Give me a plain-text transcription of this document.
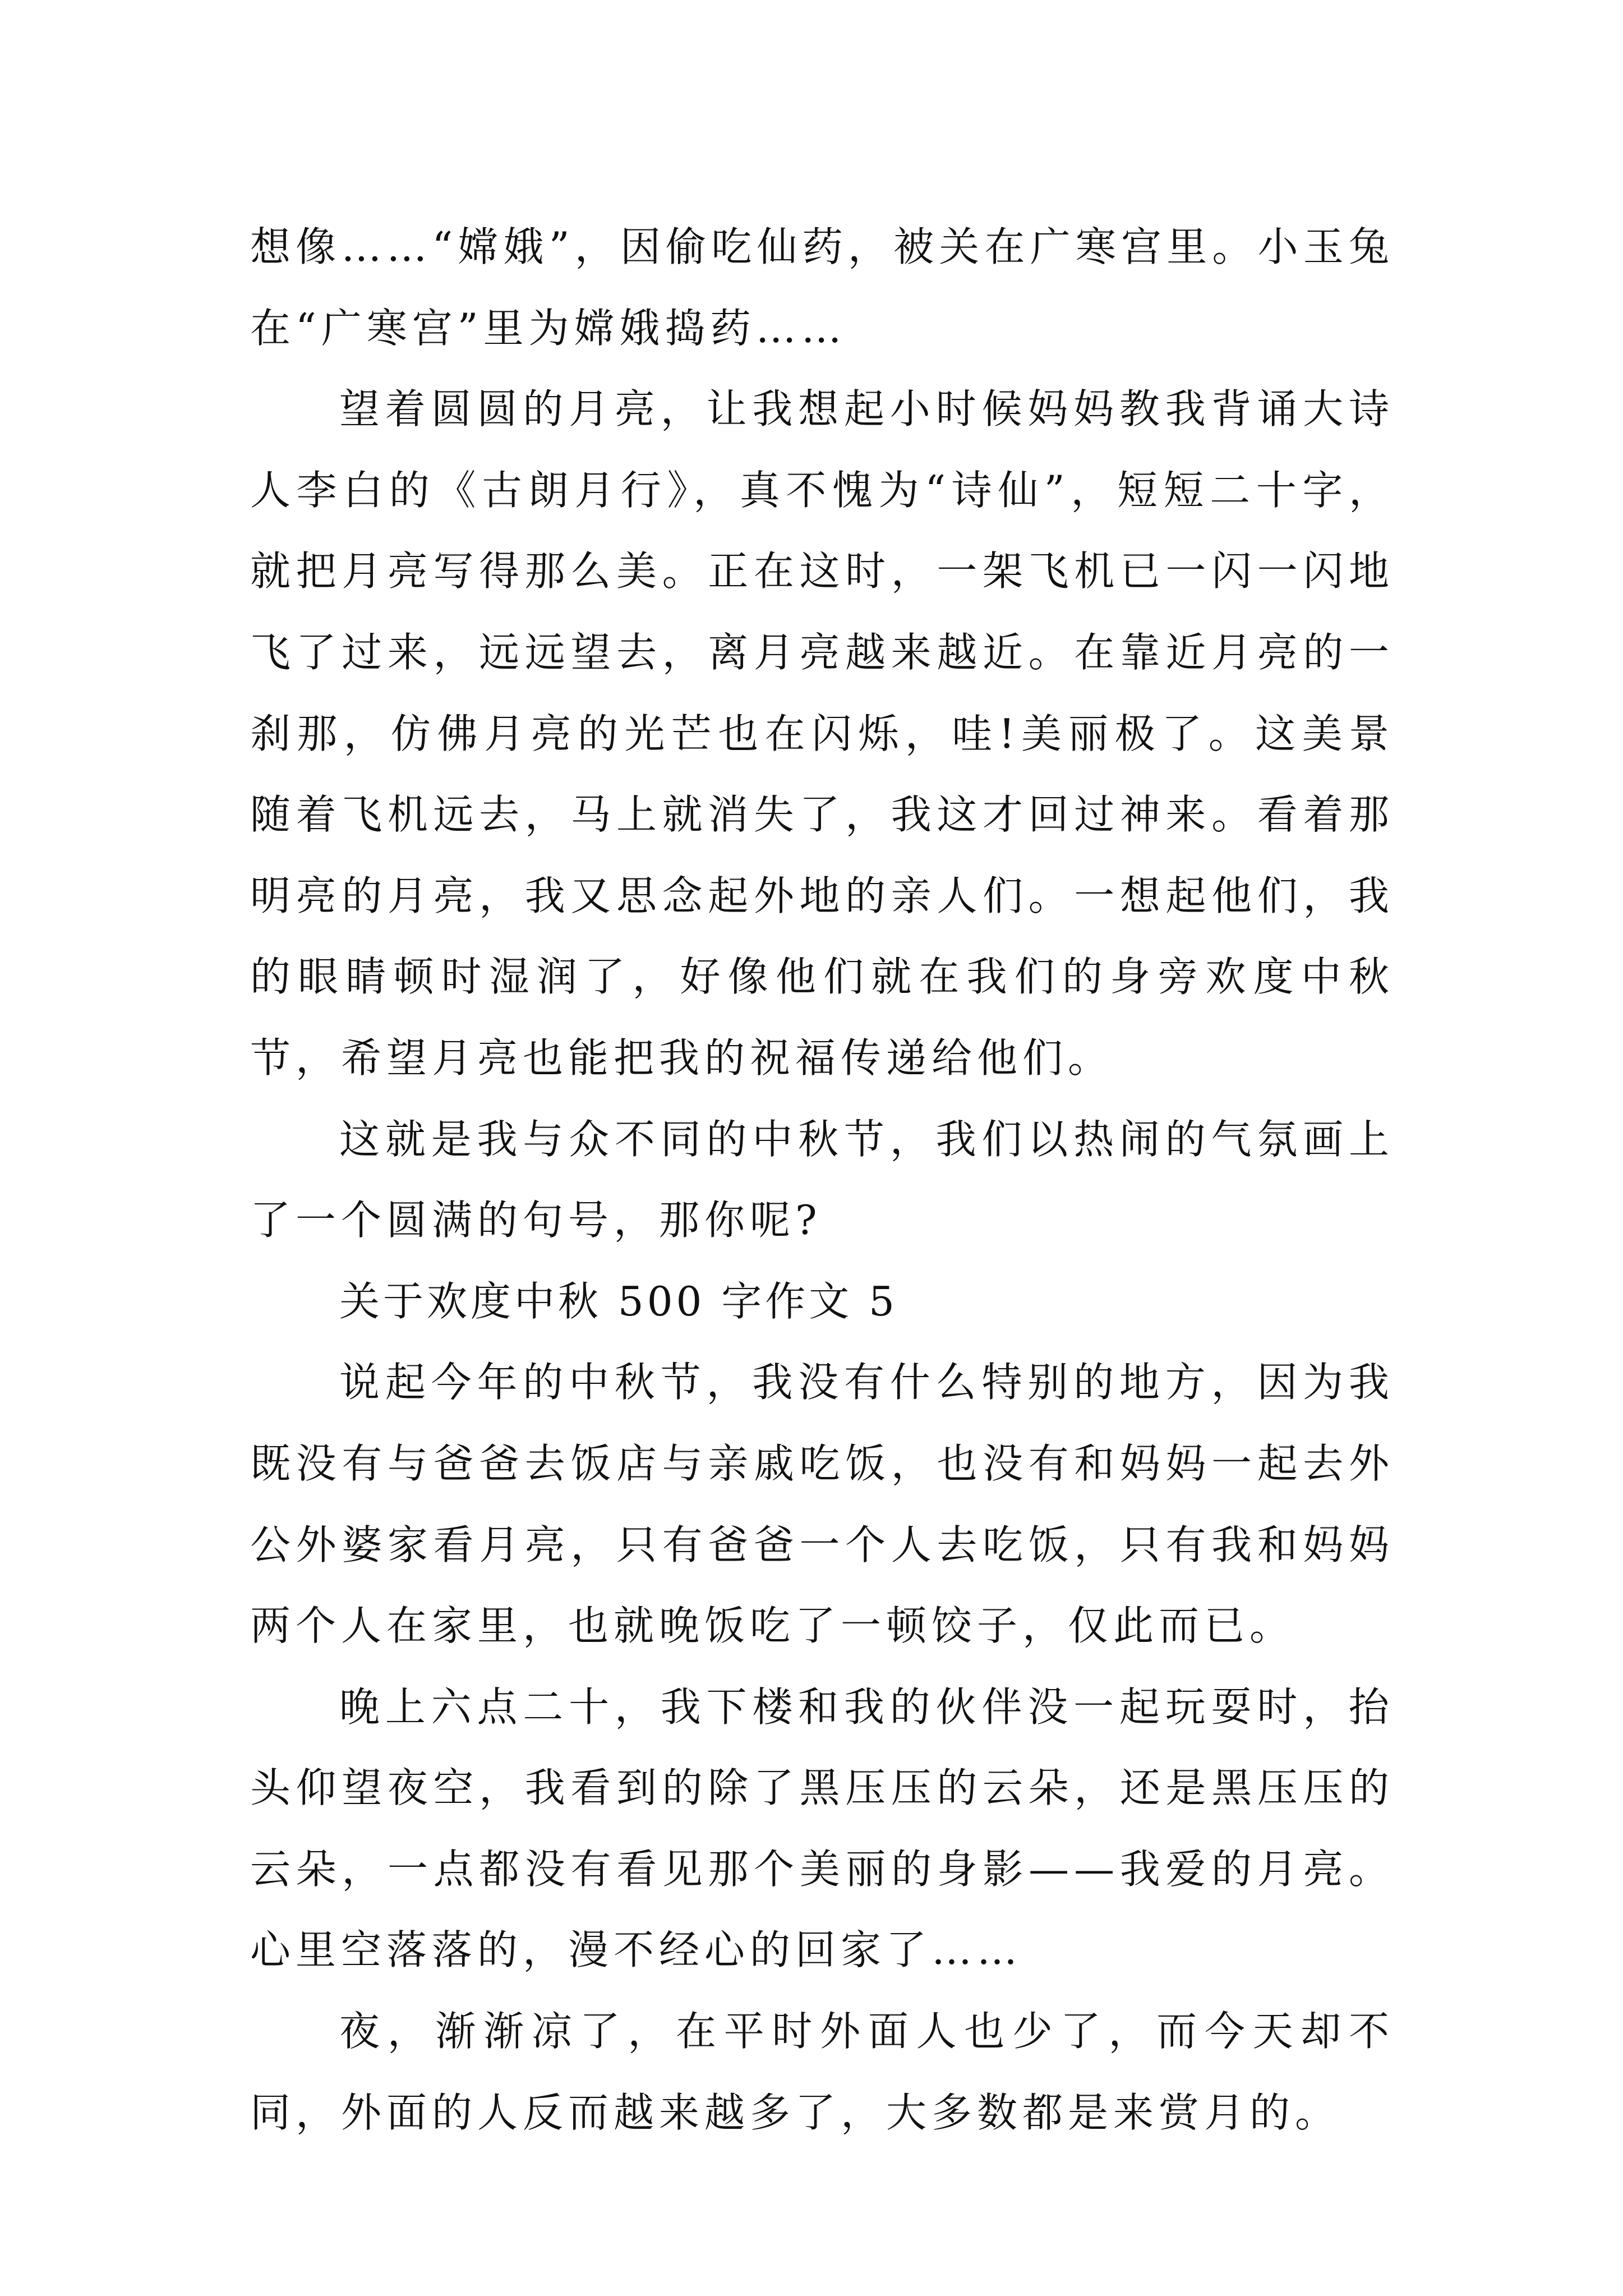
想像……“嫦娥”，因偷吃仙药，被关在广寒宫里。小玉兔在“广寒宫”里为嫦娥捣药……

望着圆圆的月亮，让我想起小时候妈妈教我背诵大诗人李白的《古朗月行》，真不愧为“诗仙”，短短二十字，就把月亮写得那么美。正在这时，一架飞机已一闪一闪地飞了过来，远远望去，离月亮越来越近。在靠近月亮的一刹那，仿佛月亮的光芒也在闪烁，哇!美丽极了。这美景随着飞机远去，马上就消失了，我这才回过神来。看着那明亮的月亮，我又思念起外地的亲人们。一想起他们，我的眼睛顿时湿润了，好像他们就在我们的身旁欢度中秋节，希望月亮也能把我的祝福传递给他们。

这就是我与众不同的中秋节，我们以热闹的气氛画上了一个圆满的句号，那你呢?

关于欢度中秋 500 字作文 5

说起今年的中秋节，我没有什么特别的地方，因为我既没有与爸爸去饭店与亲戚吃饭，也没有和妈妈一起去外公外婆家看月亮，只有爸爸一个人去吃饭，只有我和妈妈两个人在家里，也就晚饭吃了一顿饺子，仅此而已。

晚上六点二十，我下楼和我的伙伴没一起玩耍时，抬头仰望夜空，我看到的除了黑压压的云朵，还是黑压压的云朵，一点都没有看见那个美丽的身影——我爱的月亮。心里空落落的，漫不经心的回家了……

夜，渐渐凉了，在平时外面人也少了，而今天却不同，外面的人反而越来越多了，大多数都是来赏月的。
